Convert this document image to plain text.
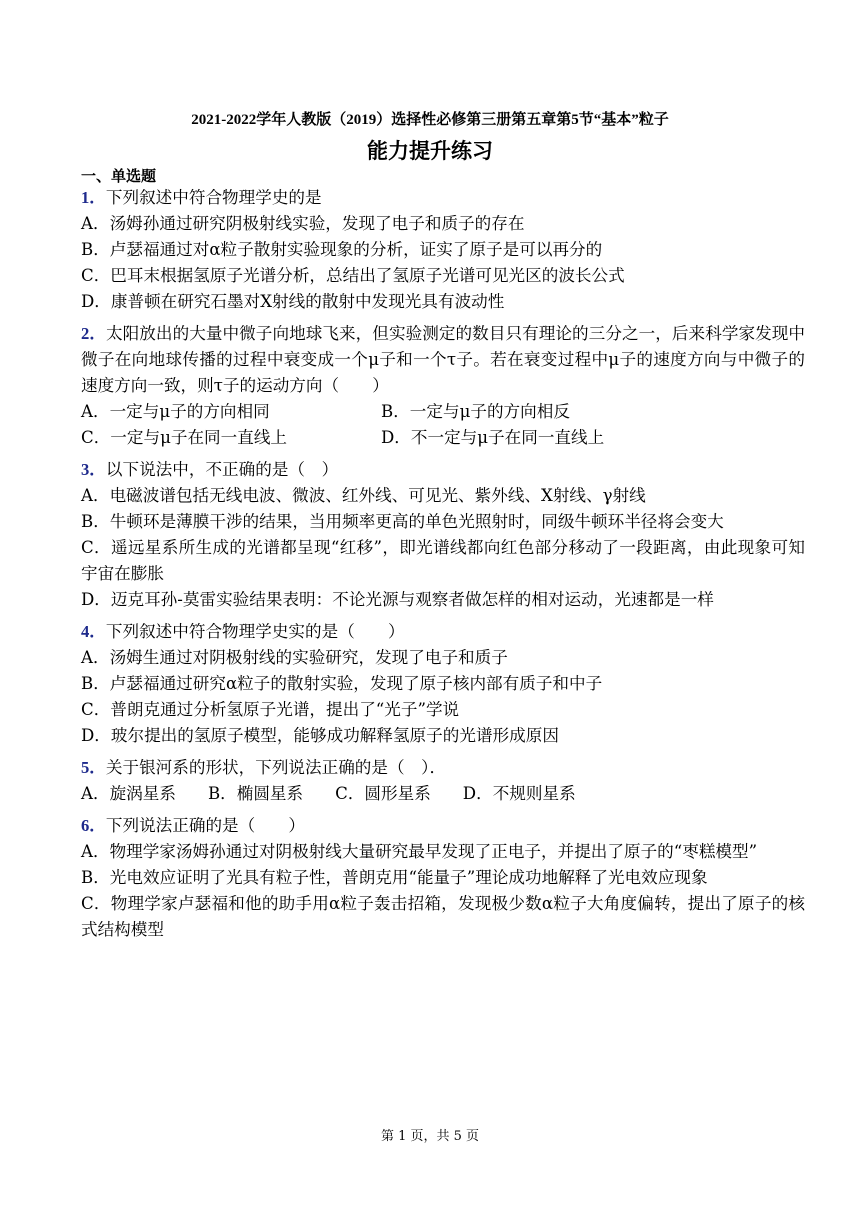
2021-2022学年人教版（2019）选择性必修第三册第五章第5节“基本”粒子
能力提升练习
一、单选题
1．下列叙述中符合物理学史的是
A．汤姆孙通过研究阴极射线实验，发现了电子和质子的存在
B．卢瑟福通过对α粒子散射实验现象的分析，证实了原子是可以再分的
C．巴耳末根据氢原子光谱分析，总结出了氢原子光谱可见光区的波长公式
D．康普顿在研究石墨对X射线的散射中发现光具有波动性
2．太阳放出的大量中微子向地球飞来，但实验测定的数目只有理论的三分之一，后来科学家发现中微子在向地球传播的过程中衰变成一个μ子和一个τ子。若在衰变过程中μ子的速度方向与中微子的速度方向一致，则τ子的运动方向（　　）
A．一定与μ子的方向相同	B．一定与μ子的方向相反
C．一定与μ子在同一直线上	D．不一定与μ子在同一直线上
3．以下说法中，不正确的是（　）
A．电磁波谱包括无线电波、微波、红外线、可见光、紫外线、X射线、γ射线
B．牛顿环是薄膜干涉的结果，当用频率更高的单色光照射时，同级牛顿环半径将会变大
C．遥远星系所生成的光谱都呈现“红移”，即光谱线都向红色部分移动了一段距离，由此现象可知宇宙在膨胀
D．迈克耳孙-莫雷实验结果表明：不论光源与观察者做怎样的相对运动，光速都是一样
4．下列叙述中符合物理学史实的是（　　）
A．汤姆生通过对阴极射线的实验研究，发现了电子和质子
B．卢瑟福通过研究α粒子的散射实验，发现了原子核内部有质子和中子
C．普朗克通过分析氢原子光谱，提出了“光子”学说
D．玻尔提出的氢原子模型，能够成功解释氢原子的光谱形成原因
5．关于银河系的形状，下列说法正确的是（　）．
A．旋涡星系 B．椭圆星系 C．圆形星系 D．不规则星系
6．下列说法正确的是（　　）
A．物理学家汤姆孙通过对阴极射线大量研究最早发现了正电子，并提出了原子的“枣糕模型”
B．光电效应证明了光具有粒子性，普朗克用“能量子”理论成功地解释了光电效应现象
C．物理学家卢瑟福和他的助手用α粒子轰击招箱，发现极少数α粒子大角度偏转，提出了原子的核式结构模型
第 1 页，共 5 页
